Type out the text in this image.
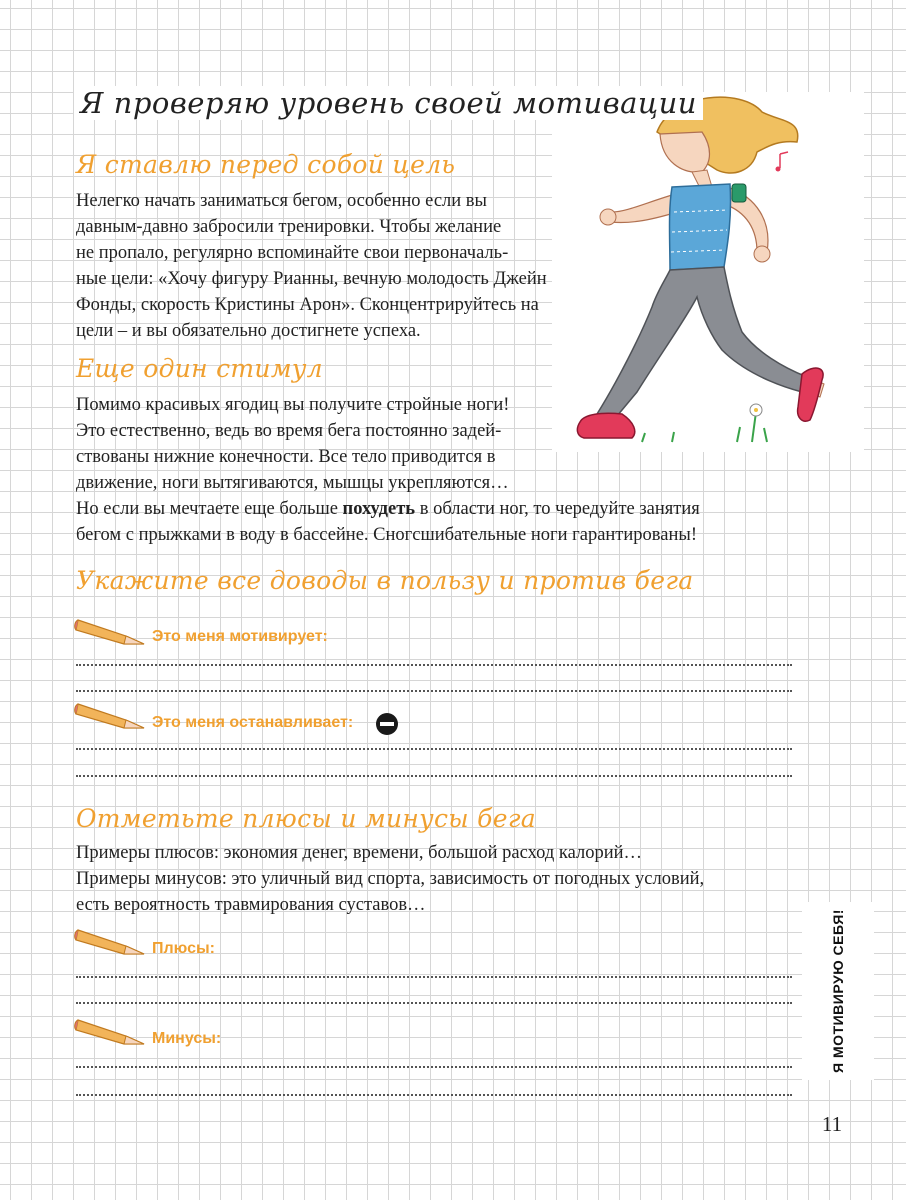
Я проверяю уровень своей мотивации
Я ставлю перед собой цель
Нелегко начать заниматься бегом, особенно если вы
давным-давно забросили тренировки. Чтобы желание
не пропало, регулярно вспоминайте свои первоначаль-
ные цели: «Хочу фигуру Рианны, вечную молодость Джейн
Фонды, скорость Кристины Арон». Сконцентрируйтесь на
цели – и вы обязательно достигнете успеха.
Еще один стимул
Помимо красивых ягодиц вы получите стройные ноги!
Это естественно, ведь во время бега постоянно задей-
ствованы нижние конечности. Все тело приводится в
движение, ноги вытягиваются, мышцы укрепляются…
Но если вы мечтаете еще больше похудеть в области ног, то чередуйте занятия
бегом с прыжками в воду в бассейне. Сногсшибательные ноги гарантированы!
Укажите все доводы в пользу и против бега
Это меня мотивирует:
Это меня останавливает:
Отметьте плюсы и минусы бега
Примеры плюсов: экономия денег, времени, большой расход калорий…
Примеры минусов: это уличный вид спорта, зависимость от погодных условий,
есть вероятность травмирования суставов…
Плюсы:
Минусы:	Я МОТИВИРУЮ СЕБЯ!
11
